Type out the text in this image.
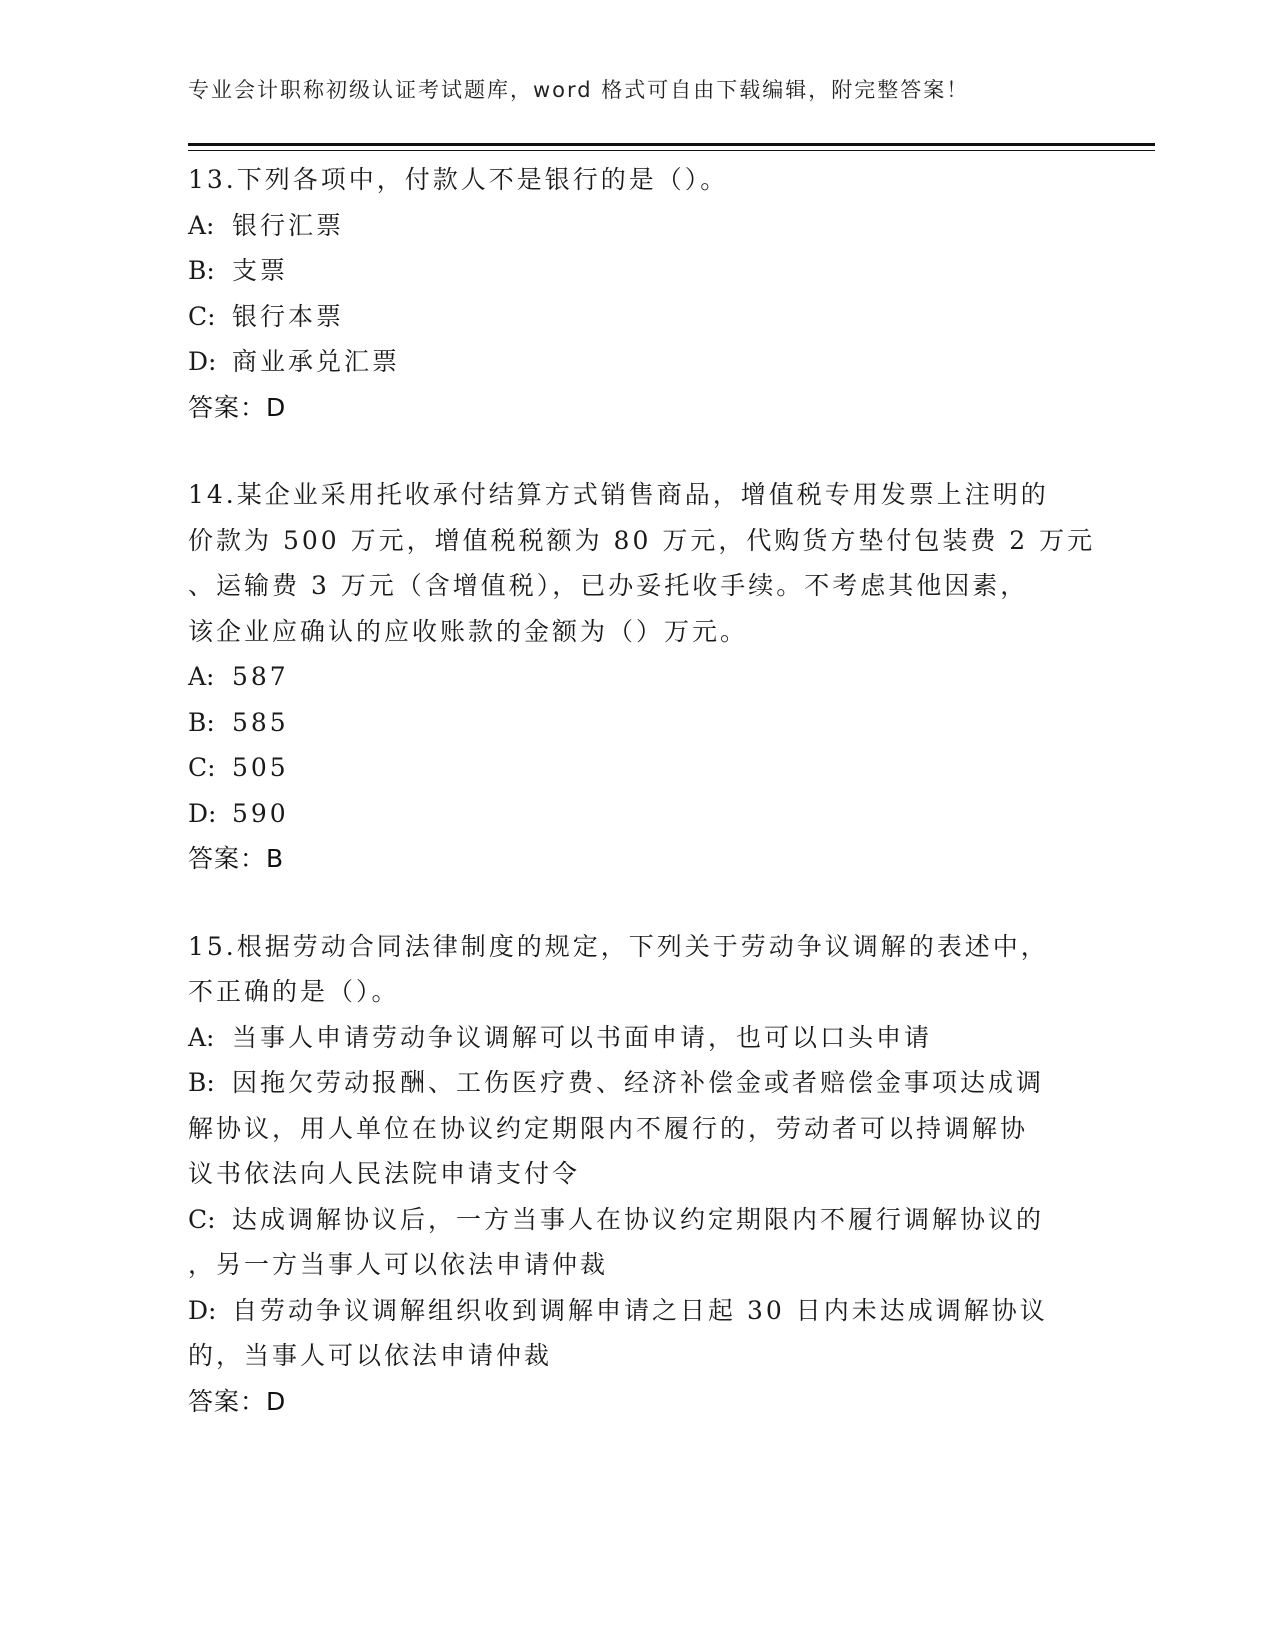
专业会计职称初级认证考试题库，word 格式可自由下载编辑，附完整答案！
13.下列各项中，付款人不是银行的是（）。
A: 银行汇票
B: 支票
C: 银行本票
D: 商业承兑汇票
答案：D
14.某企业采用托收承付结算方式销售商品，增值税专用发票上注明的
价款为 500 万元，增值税税额为 80 万元，代购货方垫付包装费 2 万元
、运输费 3 万元（含增值税），已办妥托收手续。不考虑其他因素，
该企业应确认的应收账款的金额为（）万元。
A: 587
B: 585
C: 505
D: 590
答案：B
15.根据劳动合同法律制度的规定，下列关于劳动争议调解的表述中，
不正确的是（）。
A: 当事人申请劳动争议调解可以书面申请，也可以口头申请
B: 因拖欠劳动报酬、工伤医疗费、经济补偿金或者赔偿金事项达成调
解协议，用人单位在协议约定期限内不履行的，劳动者可以持调解协
议书依法向人民法院申请支付令
C: 达成调解协议后，一方当事人在协议约定期限内不履行调解协议的
，另一方当事人可以依法申请仲裁
D: 自劳动争议调解组织收到调解申请之日起 30 日内未达成调解协议
的，当事人可以依法申请仲裁
答案：D
